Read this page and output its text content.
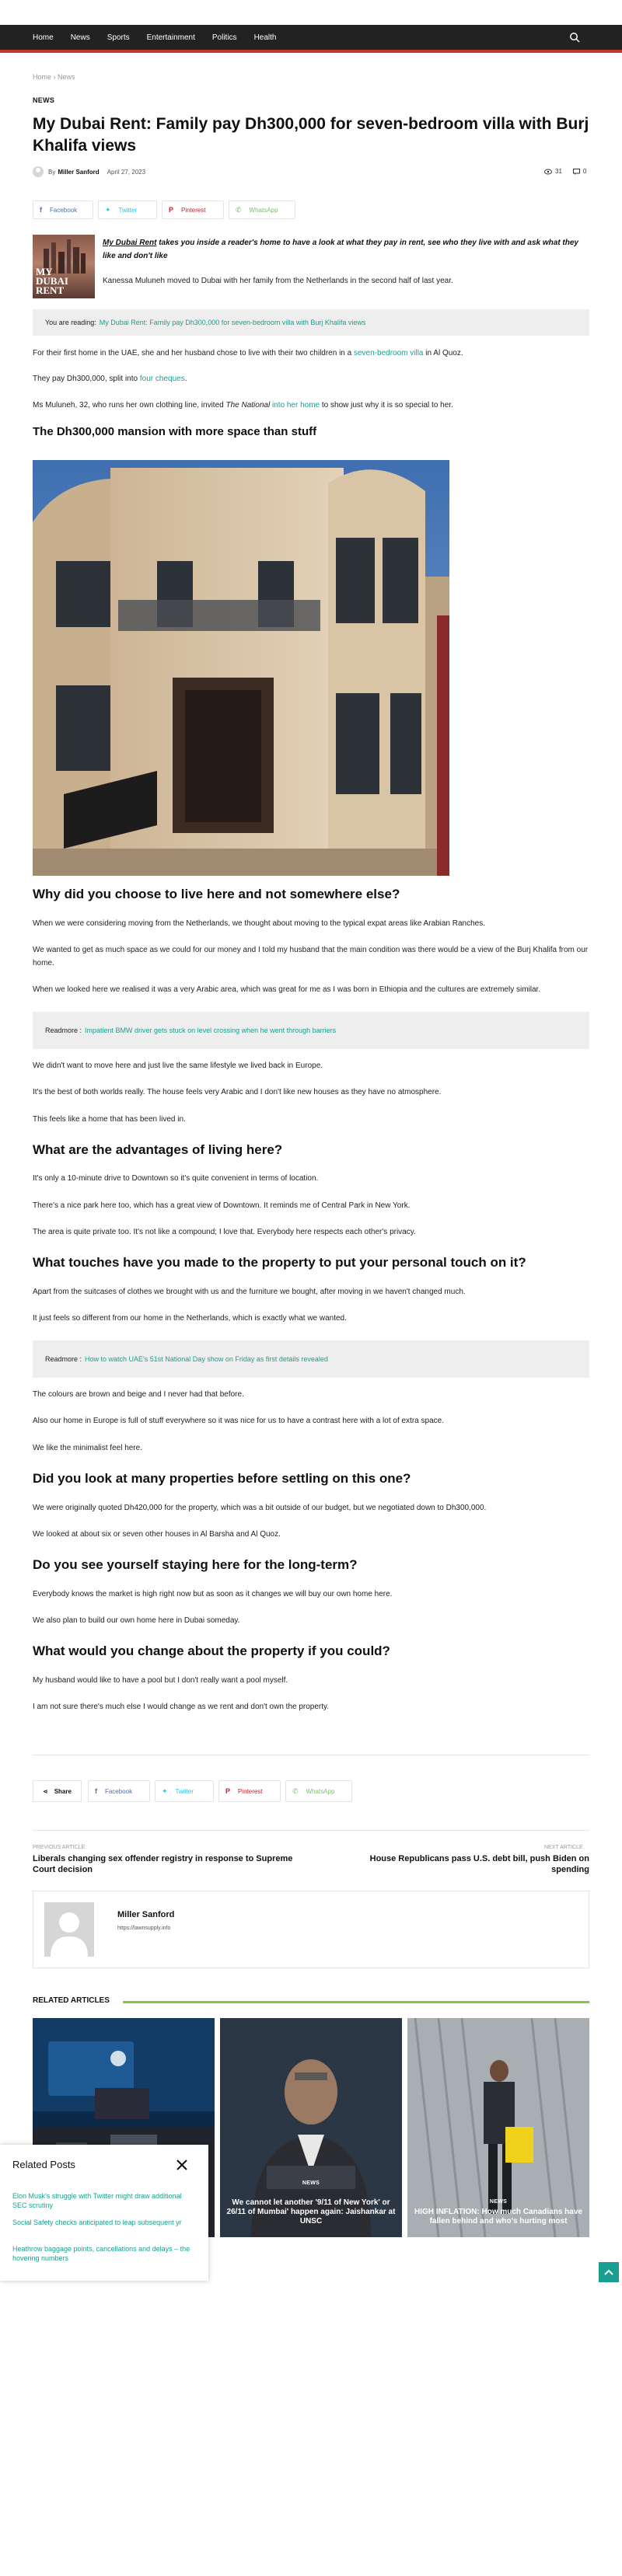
Home News Sports Entertainment Politics Health
Home › News
NEWS
My Dubai Rent: Family pay Dh300,000 for seven-bedroom villa with Burj Khalifa views
By Miller Sanford April 27, 2023	31	0
f Facebook	✦ Twitter	P Pinterest	✆ WhatsApp
MY
DUBAI RENT

My Dubai Rent takes you inside a reader's home to have a look at what they pay in rent, see who they live with and ask what they like and don't like

Kanessa Muluneh moved to Dubai with her family from the Netherlands in the second half of last year.

You are reading: My Dubai Rent: Family pay Dh300,000 for seven-bedroom villa with Burj Khalifa views

For their first home in the UAE, she and her husband chose to live with their two children in a seven-bedroom villa in Al Quoz.

They pay Dh300,000, split into four cheques.

Ms Muluneh, 32, who runs her own clothing line, invited The National into her home to show just why it is so special to her.

The Dh300,000 mansion with more space than stuff
Why did you choose to live here and not somewhere else?

When we were considering moving from the Netherlands, we thought about moving to the typical expat areas like Arabian Ranches.

We wanted to get as much space as we could for our money and I told my husband that the main condition was there would be a view of the Burj Khalifa from our home.

When we looked here we realised it was a very Arabic area, which was great for me as I was born in Ethiopia and the cultures are extremely similar.

Readmore : Impatient BMW driver gets stuck on level crossing when he went through barriers

We didn't want to move here and just live the same lifestyle we lived back in Europe.

It's the best of both worlds really. The house feels very Arabic and I don't like new houses as they have no atmosphere.

This feels like a home that has been lived in.

What are the advantages of living here?

It's only a 10-minute drive to Downtown so it's quite convenient in terms of location.

There's a nice park here too, which has a great view of Downtown. It reminds me of Central Park in New York.

The area is quite private too. It's not like a compound; I love that. Everybody here respects each other's privacy.

What touches have you made to the property to put your personal touch on it?

Apart from the suitcases of clothes we brought with us and the furniture we bought, after moving in we haven't changed much.

It just feels so different from our home in the Netherlands, which is exactly what we wanted.

Readmore : How to watch UAE's 51st National Day show on Friday as first details revealed

The colours are brown and beige and I never had that before.

Also our home in Europe is full of stuff everywhere so it was nice for us to have a contrast here with a lot of extra space.

We like the minimalist feel here.

Did you look at many properties before settling on this one?

We were originally quoted Dh420,000 for the property, which was a bit outside of our budget, but we negotiated down to Dh300,000.

We looked at about six or seven other houses in Al Barsha and Al Quoz.

Do you see yourself staying here for the long-term?

Everybody knows the market is high right now but as soon as it changes we will buy our own home here.

We also plan to build our own home here in Dubai someday.

What would you change about the property if you could?

My husband would like to have a pool but I don't really want a pool myself.

I am not sure there's much else I would change as we rent and don't own the property.

⋖ Share	f Facebook	✦ Twitter	P Pinterest	✆ WhatsApp
PREVIOUS ARTICLE
Liberals changing sex offender registry in response to Supreme Court decision
NEXT ARTICLE
House Republicans pass U.S. debt bill, push Biden on spending
Miller Sanford
https://lawnsupply.info
RELATED ARTICLES
NEWS
We cannot let another '9/11 of New York' or 26/11 of Mumbai' happen again: Jaishankar at UNSC
NEWS
HIGH INFLATION: How much Canadians have fallen behind and who's hurting most
Related Posts
Elon Musk's struggle with Twitter might draw additional SEC scrutiny
Social Safety checks anticipated to leap subsequent yr
Heathrow baggage points, cancellations and delays – the hovering numbers
